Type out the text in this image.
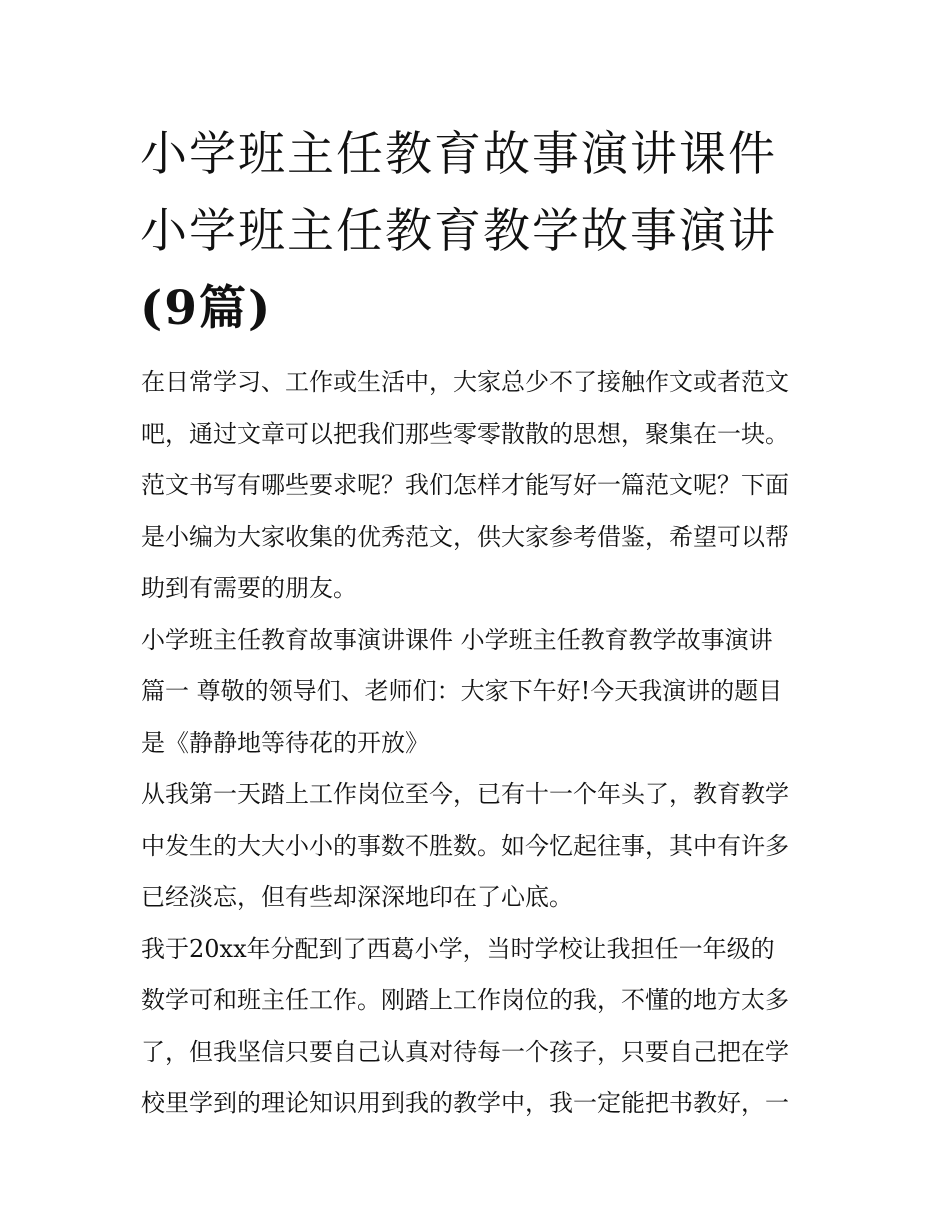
小学班主任教育故事演讲课件
小学班主任教育教学故事演讲
(9篇)

在日常学习、工作或生活中，大家总少不了接触作文或者范文
吧，通过文章可以把我们那些零零散散的思想，聚集在一块。
范文书写有哪些要求呢？我们怎样才能写好一篇范文呢？下面
是小编为大家收集的优秀范文，供大家参考借鉴，希望可以帮
助到有需要的朋友。

小学班主任教育故事演讲课件 小学班主任教育教学故事演讲
篇一 尊敬的领导们、老师们：大家下午好!今天我演讲的题目
是《静静地等待花的开放》

从我第一天踏上工作岗位至今，已有十一个年头了，教育教学
中发生的大大小小的事数不胜数。如今忆起往事，其中有许多
已经淡忘，但有些却深深地印在了心底。

我于20xx年分配到了西葛小学，当时学校让我担任一年级的
数学可和班主任工作。刚踏上工作岗位的我，不懂的地方太多
了，但我坚信只要自己认真对待每一个孩子，只要自己把在学
校里学到的理论知识用到我的教学中，我一定能把书教好，一
